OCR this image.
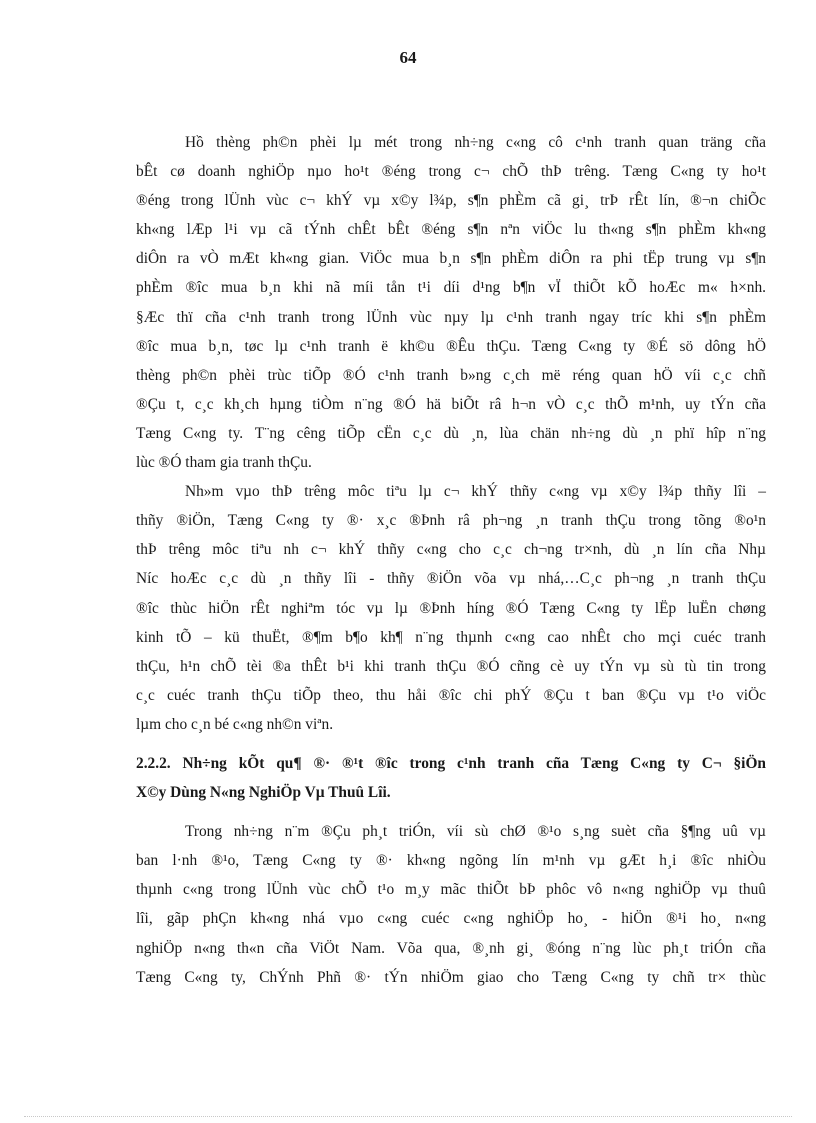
64

Hồ thèng ph©n phèi lµ mét trong nh÷ng c«ng cô c¹nh tranh quan träng cña

bÊt cø doanh nghiÖp nµo ho¹t ®éng trong c¬ chÕ thÞ trêng. Tæng C«ng ty ho¹t

®éng trong lÜnh vùc c¬ khÝ vµ x©y l¾p, s¶n phÈm cã gi¸ trÞ rÊt lín, ®¬n chiÕc

kh«ng lÆp l¹i vµ cã tÝnh chÊt bÊt ®éng s¶n nªn viÖc lu th«ng s¶n phÈm kh«ng

diÔn ra vÒ mÆt kh«ng gian. ViÖc mua b¸n s¶n phÈm diÔn ra phi tËp trung vµ s¶n

phÈm ®îc mua b¸n khi nã míi tån t¹i díi d¹ng b¶n vÏ thiÕt kÕ hoÆc m« h×nh.

§Æc thï cña c¹nh tranh trong lÜnh vùc nµy lµ c¹nh tranh ngay tríc khi s¶n phÈm

®îc mua b¸n, tøc lµ c¹nh tranh ë kh©u ®Êu thÇu. Tæng C«ng ty ®É sö dông hÖ

thèng ph©n phèi trùc tiÕp ®Ó c¹nh tranh b»ng c¸ch më réng quan hÖ víi c¸c chñ

®Çu t, c¸c kh¸ch hµng tiÒm n¨ng ®Ó hä biÕt râ h¬n vÒ c¸c thÕ m¹nh, uy tÝn cña

Tæng C«ng ty. T¨ng cêng tiÕp cËn c¸c dù ¸n, lùa chän nh÷ng dù ¸n phï hîp n¨ng

lùc ®Ó tham gia tranh thÇu.

Nh»m vµo thÞ trêng môc tiªu lµ c¬ khÝ thñy c«ng vµ x©y l¾p thñy lîi –

thñy ®iÖn, Tæng C«ng ty ®· x¸c ®Þnh râ ph¬ng ¸n tranh thÇu trong tõng ®o¹n

thÞ trêng môc tiªu nh c¬ khÝ thñy c«ng cho c¸c ch¬ng tr×nh, dù ¸n lín cña Nhµ

Níc hoÆc c¸c dù ¸n thñy lîi - thñy ®iÖn võa vµ nhá,…C¸c ph¬ng ¸n tranh thÇu

®îc thùc hiÖn rÊt nghiªm tóc vµ lµ ®Þnh híng ®Ó Tæng C«ng ty lËp luËn chøng

kinh tÕ – kü thuËt, ®¶m b¶o kh¶ n¨ng thµnh c«ng cao nhÊt cho mçi cuéc tranh

thÇu, h¹n chÕ tèi ®a thÊt b¹i khi tranh thÇu ®Ó cñng cè uy tÝn vµ sù tù tin trong

c¸c cuéc tranh thÇu tiÕp theo, thu håi ®îc chi phÝ ®Çu t ban ®Çu vµ t¹o viÖc

lµm cho c¸n bé c«ng nh©n viªn.

2.2.2. Nh÷ng kÕt qu¶ ®· ®¹t ®îc trong c¹nh tranh cña Tæng C«ng ty C¬ §iÖn

X©y Dùng N«ng NghiÖp Vµ Thuû Lîi.

Trong nh÷ng n¨m ®Çu ph¸t triÓn, víi sù chØ ®¹o s¸ng suèt cña §¶ng uû vµ

ban l·nh ®¹o, Tæng C«ng ty ®· kh«ng ngõng lín m¹nh vµ gÆt h¸i ®îc nhiÒu

thµnh c«ng trong lÜnh vùc chÕ t¹o m¸y mãc thiÕt bÞ phôc vô n«ng nghiÖp vµ thuû

lîi, gãp phÇn kh«ng nhá vµo c«ng cuéc c«ng nghiÖp ho¸ - hiÖn ®¹i ho¸ n«ng

nghiÖp n«ng th«n cña ViÖt Nam. Võa qua, ®¸nh gi¸ ®óng n¨ng lùc ph¸t triÓn cña

Tæng C«ng ty, ChÝnh Phñ ®· tÝn nhiÖm giao cho Tæng C«ng ty chñ tr× thùc
